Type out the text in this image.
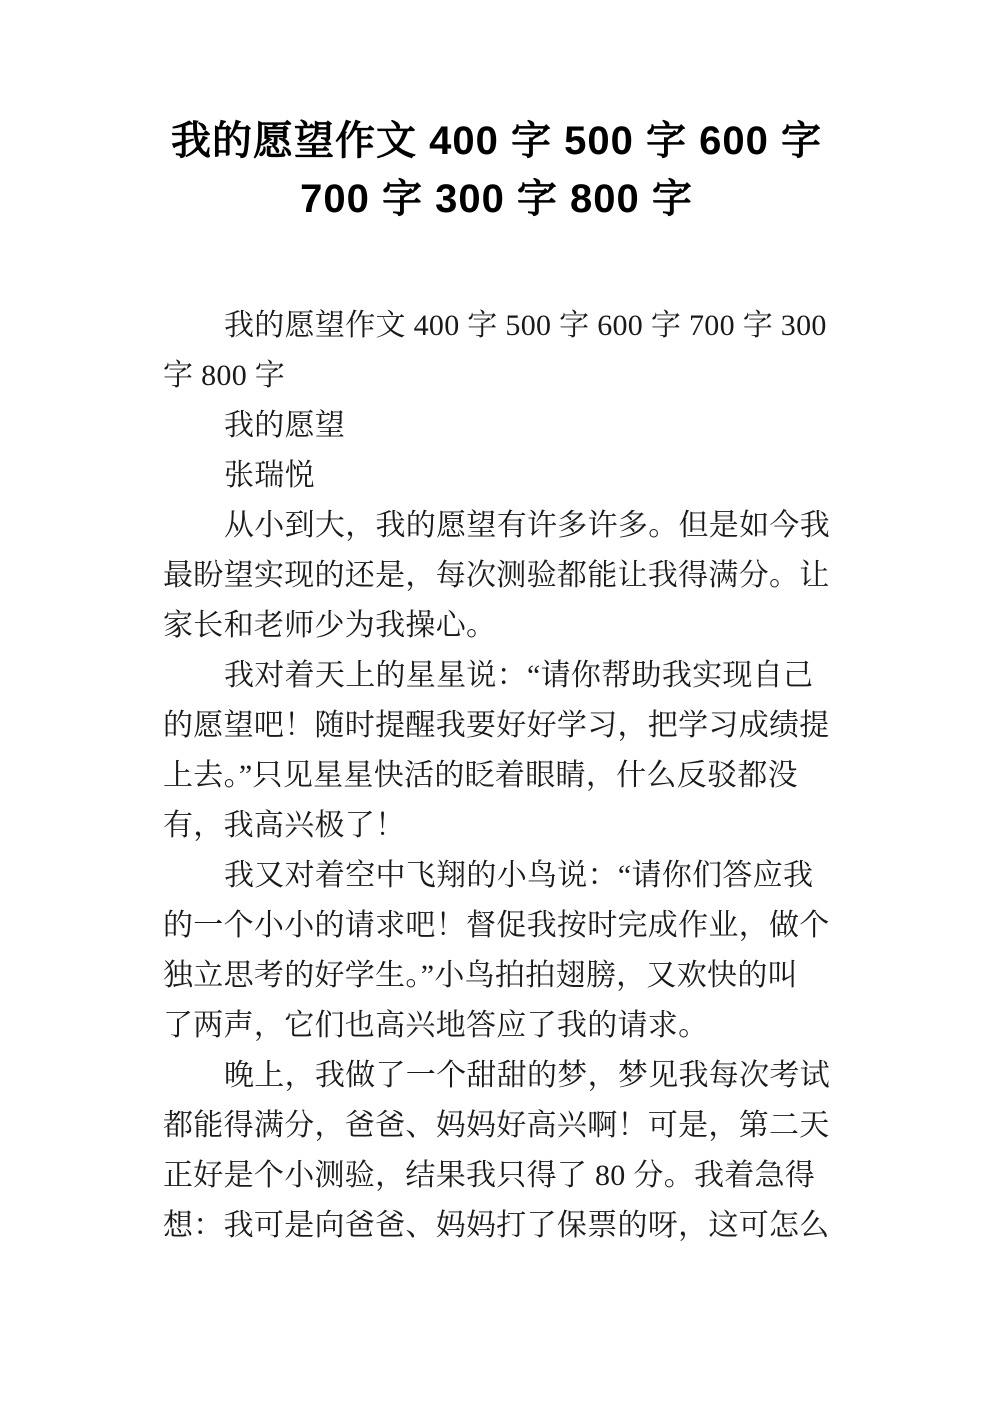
我的愿望作文 400 字 500 字 600 字
700 字 300 字 800 字
我的愿望作文 400 字 500 字 600 字 700 字 300
字 800 字
我的愿望
张瑞悦
从小到大，我的愿望有许多许多。但是如今我
最盼望实现的还是，每次测验都能让我得满分。让
家长和老师少为我操心。
我对着天上的星星说：“请你帮助我实现自己
的愿望吧！随时提醒我要好好学习，把学习成绩提
上去。”只见星星快活的眨着眼睛，什么反驳都没
有，我高兴极了！
我又对着空中飞翔的小鸟说：“请你们答应我
的一个小小的请求吧！督促我按时完成作业，做个
独立思考的好学生。”小鸟拍拍翅膀，又欢快的叫
了两声，它们也高兴地答应了我的请求。
晚上，我做了一个甜甜的梦，梦见我每次考试
都能得满分，爸爸、妈妈好高兴啊！可是，第二天
正好是个小测验，结果我只得了 80 分。我着急得
想：我可是向爸爸、妈妈打了保票的呀，这可怎么
